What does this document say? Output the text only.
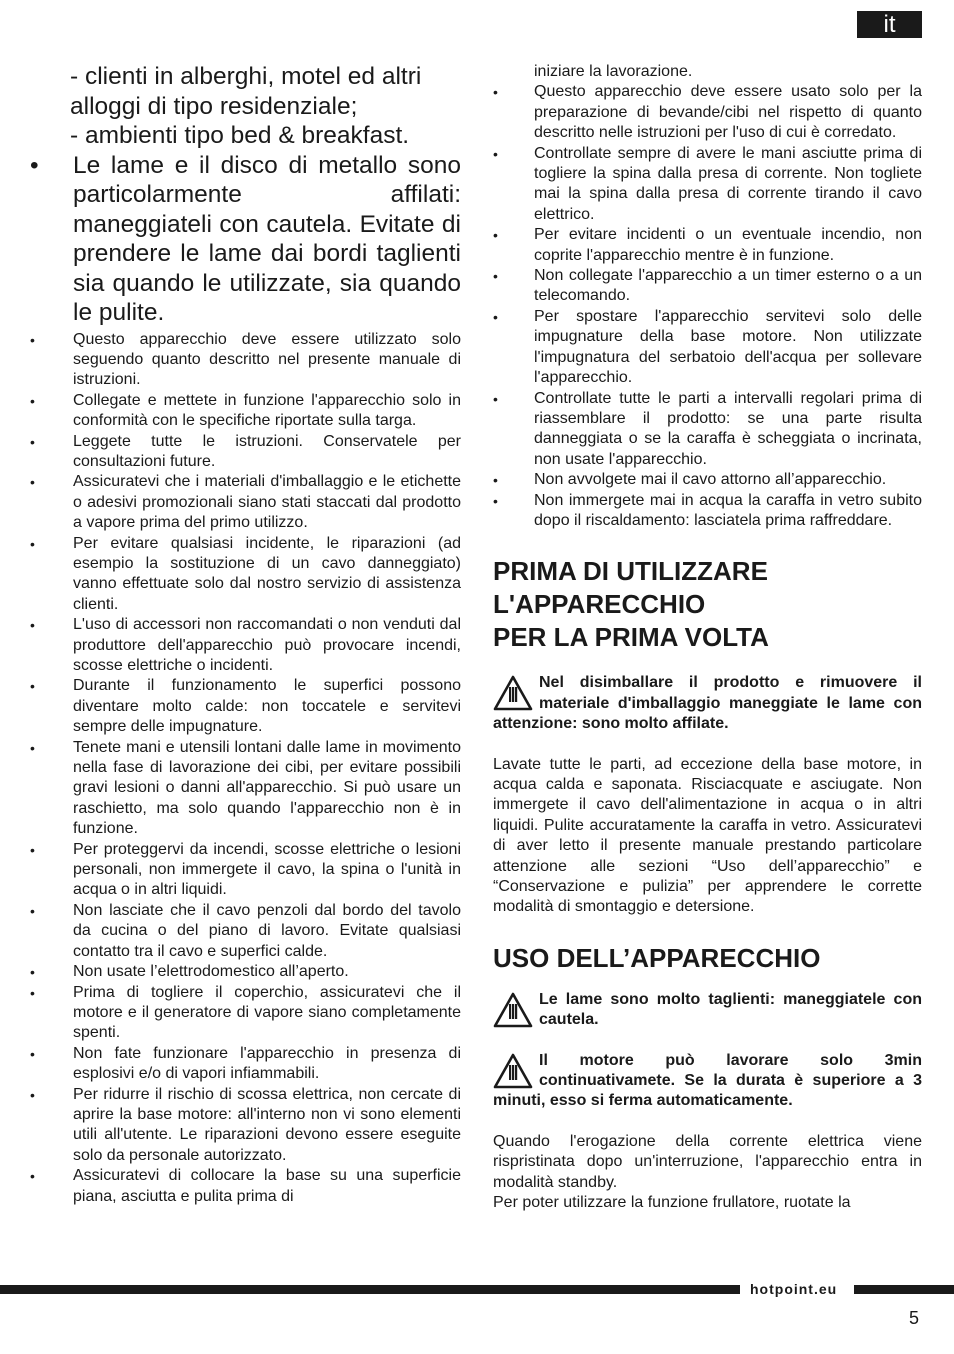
it
- clienti in alberghi, motel ed altri alloggi di tipo residenziale;
- ambienti tipo bed & breakfast.
• Le lame e il disco di metallo sono particolarmente affilati: maneggiateli con cautela. Evitate di prendere le lame dai bordi taglienti sia quando le utilizzate, sia quando le pulite.
• Questo apparecchio deve essere utilizzato solo seguendo quanto descritto nel presente manuale di istruzioni.
• Collegate e mettete in funzione l'apparecchio solo in conformità con le specifiche riportate sulla targa.
• Leggete tutte le istruzioni. Conservatele per consultazioni future.
• Assicuratevi che i materiali d'imballaggio e le etichette o adesivi promozionali siano stati staccati dal prodotto a vapore prima del primo utilizzo.
• Per evitare qualsiasi incidente, le riparazioni (ad esempio la sostituzione di un cavo danneggiato) vanno effettuate solo dal nostro servizio di assistenza clienti.
• L'uso di accessori non raccomandati o non venduti dal produttore dell'apparecchio può provocare incendi, scosse elettriche o incidenti.
• Durante il funzionamento le superfici possono diventare molto calde: non toccatele e servitevi sempre delle impugnature.
• Tenete mani e utensili lontani dalle lame in movimento nella fase di lavorazione dei cibi, per evitare possibili gravi lesioni o danni all'apparecchio. Si può usare un raschietto, ma solo quando l'apparecchio non è in funzione.
• Per proteggervi da incendi, scosse elettriche o lesioni personali, non immergete il cavo, la spina o l'unità in acqua o in altri liquidi.
• Non lasciate che il cavo penzoli dal bordo del tavolo da cucina o del piano di lavoro. Evitate qualsiasi contatto tra il cavo e superfici calde.
• Non usate l’elettrodomestico all’aperto.
• Prima di togliere il coperchio, assicuratevi che il motore e il generatore di vapore siano completamente spenti.
• Non fate funzionare l'apparecchio in presenza di esplosivi e/o di vapori infiammabili.
• Per ridurre il rischio di scossa elettrica, non cercate di aprire la base motore: all'interno non vi sono elementi utili all'utente. Le riparazioni devono essere eseguite solo da personale autorizzato.
• Assicuratevi di collocare la base su una superficie piana, asciutta e pulita prima di
iniziare la lavorazione.
• Questo apparecchio deve essere usato solo per la preparazione di bevande/cibi nel rispetto di quanto descritto nelle istruzioni per l'uso di cui è corredato.
• Controllate sempre di avere le mani asciutte prima di togliere la spina dalla presa di corrente. Non togliete mai la spina dalla presa di corrente tirando il cavo elettrico.
• Per evitare incidenti o un eventuale incendio, non coprite l'apparecchio mentre è in funzione.
• Non collegate l'apparecchio a un timer esterno o a un telecomando.
• Per spostare l'apparecchio servitevi solo delle impugnature della base motore. Non utilizzate l'impugnatura del serbatoio dell'acqua per sollevare l'apparecchio.
• Controllate tutte le parti a intervalli regolari prima di riassemblare il prodotto: se una parte risulta danneggiata o se la caraffa è scheggiata o incrinata, non usate l'apparecchio.
• Non avvolgete mai il cavo attorno all’apparecchio.
• Non immergete mai in acqua la caraffa in vetro subito dopo il riscaldamento: lasciatela prima raffreddare.
PRIMA DI UTILIZZARE
L'APPARECCHIO
PER LA PRIMA VOLTA
Nel disimballare il prodotto e rimuovere il materiale d'imballaggio maneggiate le lame con attenzione: sono molto affilate.

Lavate tutte le parti, ad eccezione della base motore, in acqua calda e saponata. Risciacquate e asciugate. Non immergete il cavo dell'alimentazione in acqua o in altri liquidi. Pulite accuratamente la caraffa in vetro. Assicuratevi di aver letto il presente manuale prestando particolare attenzione alle sezioni “Uso dell’apparecchio” e “Conservazione e pulizia” per apprendere le corrette modalità di smontaggio e detersione.

USO DELL’APPARECCHIO
Le lame sono molto taglienti: maneggiatele con cautela.
Il motore può lavorare solo 3min continuativamete. Se la durata è superiore a 3 minuti, esso si ferma automaticamente.

Quando l'erogazione della corrente elettrica viene rispristinata dopo un'interruzione, l'apparecchio entra in modalità standby.

Per poter utilizzare la funzione frullatore, ruotate la

hotpoint.eu
5
